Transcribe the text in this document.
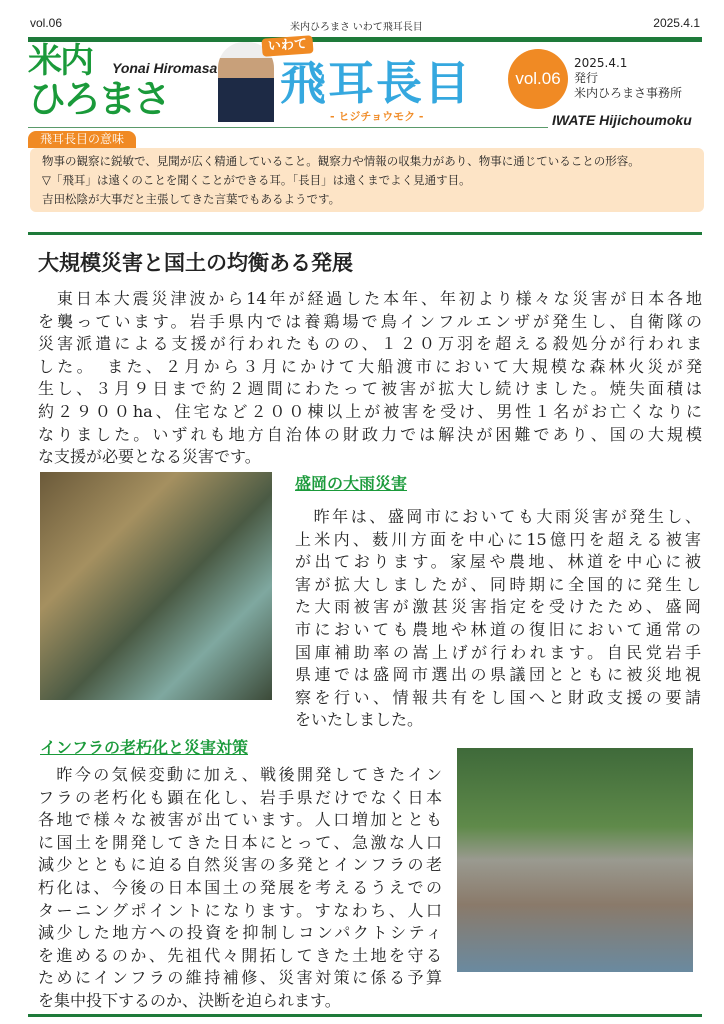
vol.06	米内ひろまさ いわて飛耳長目	2025.4.1
米内
ひろまさ
Yonai Hiromasa
いわて
飛耳長目
- ヒジチョウモク -
vol.06
2025.4.1
発行
米内ひろまさ事務所
IWATE Hijichoumoku
飛耳長目の意味
物事の観察に鋭敏で、見聞が広く精通していること。観察力や情報の収集力があり、物事に通じていることの形容。
▽「飛耳」は遠くのことを聞くことができる耳。「長目」は遠くまでよく見通す目。
吉田松陰が大事だと主張してきた言葉でもあるようです。
大規模災害と国土の均衡ある発展
　東日本大震災津波から14年が経過した本年、年初より様々な災害が日本各地
を襲っています。岩手県内では養鶏場で鳥インフルエンザが発生し、自衛隊の
災害派遣による支援が行われたものの、１２０万羽を超える殺処分が行われま
した。　また、２月から３月にかけて大船渡市において大規模な森林火災が発
生し、３月９日まで約２週間にわたって被害が拡大し続けました。焼失面積は
約２９００ha、住宅など２００棟以上が被害を受け、男性１名がお亡くなりに
なりました。いずれも地方自治体の財政力では解決が困難であり、国の大規模
な支援が必要となる災害です。
盛岡の大雨災害
　昨年は、盛岡市においても大雨災害が発生し、
上米内、薮川方面を中心に15億円を超える被害
が出ております。家屋や農地、林道を中心に被
害が拡大しましたが、同時期に全国的に発生し
た大雨被害が激甚災害指定を受けたため、盛岡
市においても農地や林道の復旧において通常の
国庫補助率の嵩上げが行われます。自民党岩手
県連では盛岡市選出の県議団とともに被災地視
察を行い、情報共有をし国へと財政支援の要請
をいたしました。
インフラの老朽化と災害対策
　昨今の気候変動に加え、戦後開発してきたイン
フラの老朽化も顕在化し、岩手県だけでなく日本
各地で様々な被害が出ています。人口増加ととも
に国土を開発してきた日本にとって、急激な人口
減少とともに迫る自然災害の多発とインフラの老
朽化は、今後の日本国土の発展を考えるうえでの
ターニングポイントになります。すなわち、人口
減少した地方への投資を抑制しコンパクトシティ
を進めるのか、先祖代々開拓してきた土地を守る
ためにインフラの維持補修、災害対策に係る予算
を集中投下するのか、決断を迫られます。
